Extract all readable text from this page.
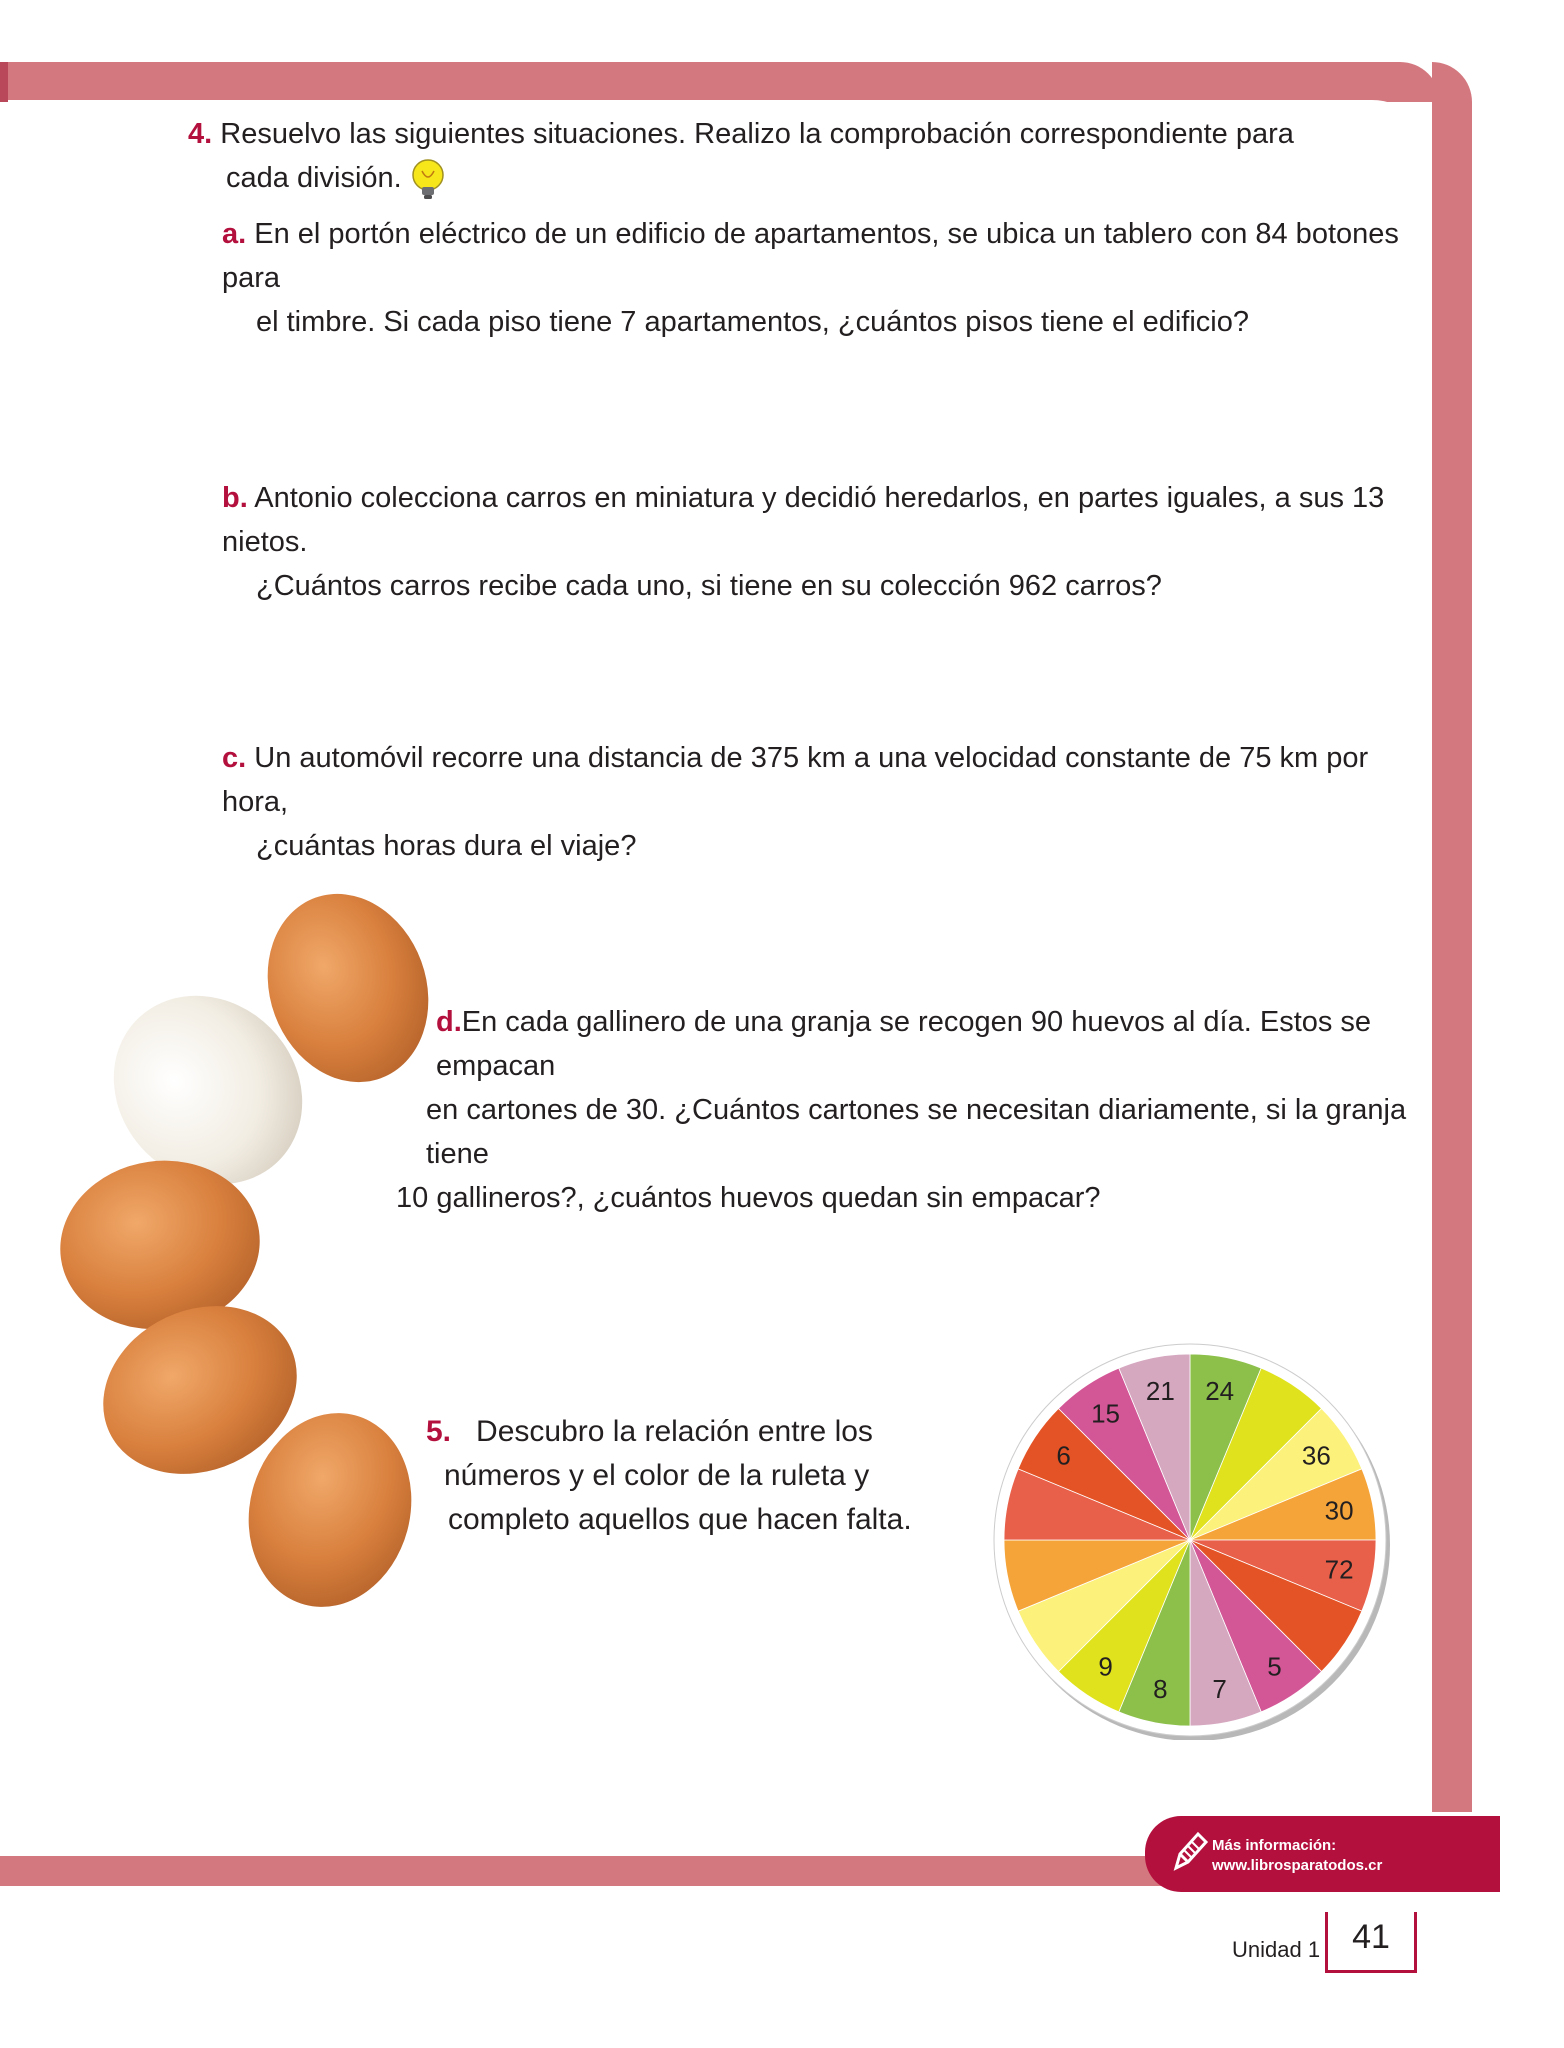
4. Resuelvo las siguientes situaciones. Realizo la comprobación correspondiente para
cada división.
a. En el portón eléctrico de un edificio de apartamentos, se ubica un tablero con 84 botones para
el timbre. Si cada piso tiene 7 apartamentos, ¿cuántos pisos tiene el edificio?
b. Antonio colecciona carros en miniatura y decidió heredarlos, en partes iguales, a sus 13 nietos.
¿Cuántos carros recibe cada uno, si tiene en su colección 962 carros?
c. Un automóvil recorre una distancia de 375 km a una velocidad constante de 75 km por hora,
¿cuántas horas dura el viaje?
d.En cada gallinero de una granja se recogen 90 huevos al día. Estos se empacan
en cartones de 30. ¿Cuántos cartones se necesitan diariamente, si la granja tiene
10 gallineros?, ¿cuántos huevos quedan sin empacar?
5. Descubro la relación entre los
números y el color de la ruleta y
completo aquellos que hacen falta.
24
36
30
72
5
7
8
9
6
15
21
Más información:
www.librosparatodos.cr
Unidad 1 41
